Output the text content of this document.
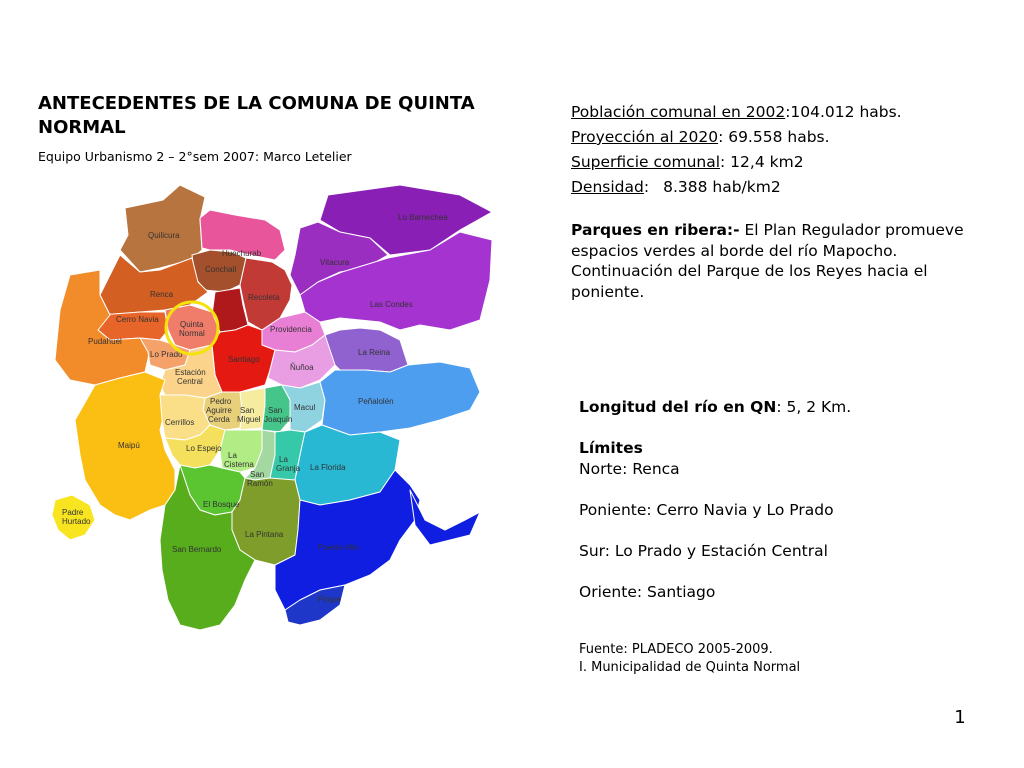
ANTECEDENTES DE LA COMUNA DE QUINTA NORMAL
Equipo Urbanismo 2 – 2°sem 2007: Marco Letelier
Quilicura
Huechurab
Conchalí
Lo Barnechea
Vitacura
Renca	Recoleta
Las Condes
Cerro Navia
Quinta
Normal	Providencia
Pudahuel
Lo Prado
Santiago
La Reina
Ñuñoa
Estación
Central
Peñalolén
Pedro
Aguirre
Cerda
San
Miguel
San
Joaquín
Macul
Cerrillos
Maipú	Lo Espejo
La
Cisterna
San
Ramón
La
Granja La Florida
El Bosque
Padre
Hurtado
La Pintana
San Bernardo	Puente Alto
Pirque
Población comunal en 2002:104.012 habs.
Proyección al 2020: 69.558 habs.
Superficie comunal: 12,4 km2
Densidad: 8.388 hab/km2
Parques en ribera:- El Plan Regulador promueve espacios verdes al borde del río Mapocho. Continuación del Parque de los Reyes hacia el poniente.

Longitud del río en QN: 5, 2 Km.

Límites

Norte: Renca

Poniente: Cerro Navia y Lo Prado

Sur: Lo Prado y Estación Central

Oriente: Santiago

Fuente: PLADECO 2005-2009.
I. Municipalidad de Quinta Normal
1
